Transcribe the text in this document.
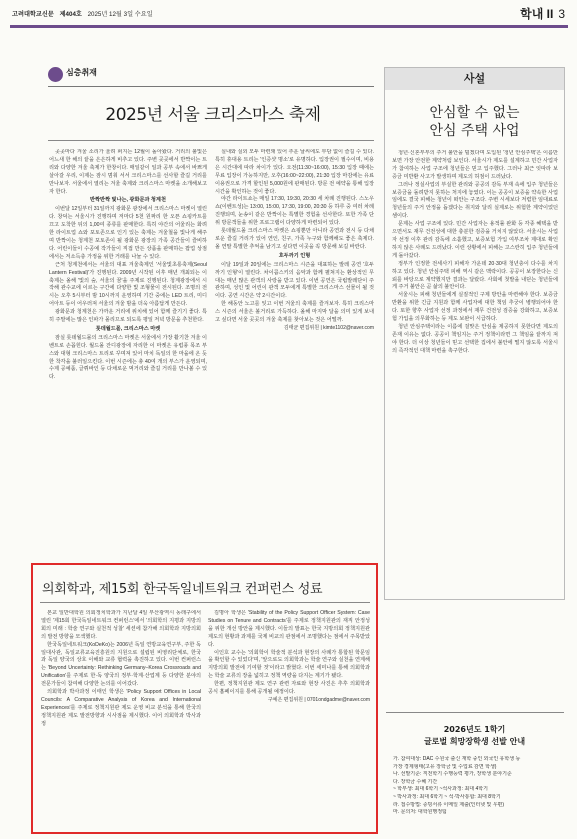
고려대학교신문 제404호 2025년 12월 3일 수요일	학내 II 3
심층취재
2025년 서울 크리스마스 축제

곳곳마다 겨울 소리가 울려 퍼지는 12월이 돌아왔다. 거리의 불빛은 어느새 한 해의 끝을 은은하게 비추고 있다. 주변 곳곳에서 반짝이는 트리와 다양한 겨울 축제가 한창이다. 매일같이 일과 공부 속에서 바쁘게 살아갈 우리, 이제는 잠시 멈춰 서서 크리스마스를 선사할 즐길 거리를 만나보자. 서울에서 열리는 겨울 축제와 크리스마스 마켓을 소개해보고자 한다.

반짝반짝 빛나는, 광화문과 청계천

이번달 12일부터 31일까지 광화문 광장에서 크리스마스 마켓이 열린다. 창덕는 서울시가 진행하며 저마다 5천 원짜리 한 오픈 쇼핑카트를 끄고 도착한 뒤의 1,00여 종류를 판매한다. 특히 야간의 어울리는 화려한 라이트업 쇼와 포토존으로 인기 있는 축제는 겨울철을 빛나게 해주며 반짝이는 청계천 포토존이 될 광화문 광장의 가족 공간들이 즐비하다. 어린이들이 수공예 작가들이 직접 만든 상품을 판매하는 팝업 상점에서는 저소득층 가정을 위한 거래를 나눌 수 있다.

근처 청계천에서는 서울의 대표 겨울축제인 '서울빛초롱축제(Seoul Lantern Festival)'가 진행된다. 2009년 시작된 이후 매년 개최되는 이 축제는 올해 '빛의 숲, 서울의 꿈'을 주제로 진행된다. 청계광장에서 시작해 관수교에 이르는 구간에 다양한 빛 조형물이 전시된다. 조명의 전시는 오후 5시부터 밤 10시까지 운영하며 기간 중에는 LED 트리, 미디어아트 등이 어우러져 서울의 겨울 밤을 더욱 아름답게 만든다.

광화문과 청계천은 가까운 거리에 위치해 있어 함께 즐기기 좋다. 특히 주말에는 많은 인파가 몰리므로 되도록 평일 저녁 방문을 추천한다.

롯데월드몰, 크리스마스 마켓

잠실 롯데월드몰의 크리스마스 마켓은 서울에서 가장 활기찬 겨울 이벤트로 손꼽힌다. 월드몰 잔디광장에 자리한 이 마켓은 유럽풍 목조 부스와 대형 크리스마스 트리로 꾸며져 있어 마치 독일의 한 마을에 온 듯한 착각을 불러일으킨다. 이번 시즌에는 총 40여 개의 부스가 운영되며, 수제 공예품, 글뤼바인 등 다채로운 먹거리와 즐길 거리를 만나볼 수 있다.

실내와 실외 모두 마련돼 있어 추운 날씨에도 부담 없이 즐길 수 있다. 특히 휴대용 트리는 '인증샷 명소'로 유명하다. 입장권이 필수이며, 비용은 시간대에 따라 차이가 있다. 오전(11:30~16:00), 15:30 입장 때에는 무료 입장이 가능하지만, 오후(16:00~22:00), 21:30 입장 마감에는 유료 이용권으로 가격 할인된 5,000원에 판매된다. 방문 전 예약을 통해 입장 시간을 확인하는 것이 좋다.

야간 라이트쇼는 매일 17:30, 19:30, 20:30 세 차례 진행된다. 스노우 쇼(이벤트성)는 13:00, 15:00, 17:30, 19:00, 20:30 등 하루 중 여러 차례 진행되며, 눈송이 같은 반짝이는 특별한 경험을 선사한다. 또한 가족 단위 방문객들을 위한 프로그램이 다양하게 마련되어 있다.

롯데월드몰 크리스마스 마켓은 쇼핑뿐만 아니라 공연과 전시 등 다채로운 즐길 거리가 있어 연인, 친구, 가족 누구와 함께해도 좋은 축제다. 올 연말 특별한 추억을 남기고 싶다면 이곳을 꼭 방문해 보길 바란다.

호두까기 인형

이달 19일과 20일에는 크리스마스 시즌을 대표하는 발레 공연 '호두까기 인형'이 열린다. 차이콥스키의 음악과 함께 펼쳐지는 환상적인 무대는 매년 많은 관객의 사랑을 받고 있다. 이번 공연은 국립발레단이 주관하며, 성인 및 어린이 관객 모두에게 특별한 크리스마스 선물이 될 것이다. 공연 시간은 약 2시간이다.

한 해동안 노고를 잊고 이번 겨울의 축제를 즐겨보자. 특히 크리스마스 시즌의 서울은 볼거리로 가득하다. 올해 마지막 달을 의미 있게 보내고 싶다면 서울 곳곳의 겨울 축제를 찾아보는 것은 어떨까.

김태균 편집위원 | kimte1102@naver.com

사설
안심할 수 없는
안심 주택 사업

청년·신혼부부의 주거 불안을 덜겠다며 도입된 '청년 안심주택'은 이름만 보면 가장 안전한 계약처럼 보인다. 서울시가 제도를 설계하고 민간 사업자가 참여하는 사업 구조에 청년들은 믿고 입주했다. 그러나 최근 잇따라 보증금 미반환 사고가 발생하며 제도의 허점이 드러났다.

그러나 정실사업의 부실한 관리와 공공의 감독 부재 속에 입주 청년들은 보증금을 돌려받지 못하는 처지에 놓였다. 이는 공공이 보증을 약속한 사업임에도 결국 피해는 청년이 떠안는 구조다. 주변 시세보다 저렴한 임대료로 청년들의 주거 안정을 돕겠다는 취지와 달리 실제로는 위험한 계약이었던 셈이다.

문제는 사업 구조에 있다. 민간 사업자는 용적률 완화 등 각종 혜택을 받으면서도 재무 건전성에 대한 충분한 검증을 거치지 않았다. 서울시는 사업자 선정 이후 관리 감독에 소홀했고, 보증보험 가입 여부조차 제대로 확인하지 않은 사례도 드러났다. 이런 상황에서 피해는 고스란히 입주 청년들에게 돌아갔다.

정부가 인정한 전세사기 피해자 가운데 20·30대 청년층이 다수를 차지하고 있다. 청년 안심주택 피해 역시 같은 맥락이다. 공공이 보장한다는 신뢰를 바탕으로 계약했지만 결과는 달랐다. 사회에 첫발을 내딛는 청년들에게 주거 불안은 곧 삶의 불안이다.

서울시는 피해 청년들에게 실질적인 구제 방안을 마련해야 한다. 보증금 반환을 위한 긴급 지원과 함께 사업자에 대한 책임 추궁이 병행되어야 한다. 또한 향후 사업자 선정 과정에서 재무 건전성 검증을 강화하고, 보증보험 가입을 의무화하는 등 제도 보완이 시급하다.

청년 안심주택이라는 이름에 걸맞은 안심을 제공하지 못한다면 제도의 존재 이유는 없다. 공공이 책임지는 주거 정책이라면 그 책임을 끝까지 져야 한다. 더 이상 청년들이 믿고 선택한 집에서 불안에 떨지 않도록 서울시의 즉각적인 대책 마련을 촉구한다.

의회학과, 제15회 한국독일네트워크 컨퍼런스 성료

본교 일반대학원 의회정치학과가 지난달 4일 부산광역시 동래구에서 열린 '제15회 한국독일네트워크 컨퍼런스'에서 '의회학의 지평과 지방의회의 미래 : 학술 연구와 실천적 성찰' 세션에 참가해 의회학과 지방의회의 발전 방향을 모색했다.

한국독일네트워크(KoDeKo)는 2006년 독일 연방교육연구부, 주한 독일대사관, 독일교류교육진흥원의 지원으로 설립된 비영리단체로, 한국과 독일 양국의 상호 이해와 교류 협력을 촉진하고 있다. 이번 컨퍼런스는 'Beyond Uncertainty: Rethinking Germany–Korea Crossroads and Unification'를 주제로 한·독 양국의 정부·학계·산업계 등 다양한 분야의 전문가들이 참여해 다양한 논의를 이어갔다.

의회학과 박사과정 이태인 학생은 'Policy Support Offices in Local Councils: A Comparative Analysis of Korea and International Experiences'를 주제로 정책지원관 제도 운영 비교 분석을 통해 한국의 정책지원관 제도 발전방향과 시사점을 제시했다. 이어 의회학과 박사과정

김명아 학생은 'Stability of the Policy Support Officer System: Case Studies on Tenure and Contracts'를 주제로 정책지원관의 재직 안정성을 위한 개선 방안을 제시했다. 이들의 발표는 한국 지방의회 정책지원관 제도의 현황과 과제를 국제 비교의 관점에서 조명했다는 점에서 주목받았다.

이인호 교수는 '의회학이 학술적 분석과 현장의 사례가 통합된 학문임을 확인할 수 있었다'며, '앞으로도 의회학과는 학술 연구와 실천을 연계해 지방의회 발전에 기여할 것'이라고 밝혔다. 이번 세미나를 통해 의회학과는 학술 교류의 장을 넓히고 정책 역량을 다지는 계기가 됐다.

한편, 정책지원관 제도 연구 관련 자료와 현장 사진은 추후 의회학과 공식 홈페이지를 통해 공개될 예정이다.

구예은 편집위원 | 0701ondgadme@naver.com

2026년도 1학기
글로벌 희망장학생 선발 안내
가. 참여대상: DAC 수원국 출신 재학 중인 외국인 유학생 등
가장 경제형태(고유 장학금 및 수업료 감면 학생)
나. 선발기준: 직전학기 수행능력 평가, 장학생 분야기준
다. 장학금 수혜 기간
~ 학부생: 최대 6학기 ~석사과정: 최대 4학기
~ 박사과정: 최대 6학기 ~ 석·박사통합: 최대 8학기
라. 접수방법: 증빙서류 이메일 제출(인터넷 및 우편)
마. 문의처: 대학원행정팀
